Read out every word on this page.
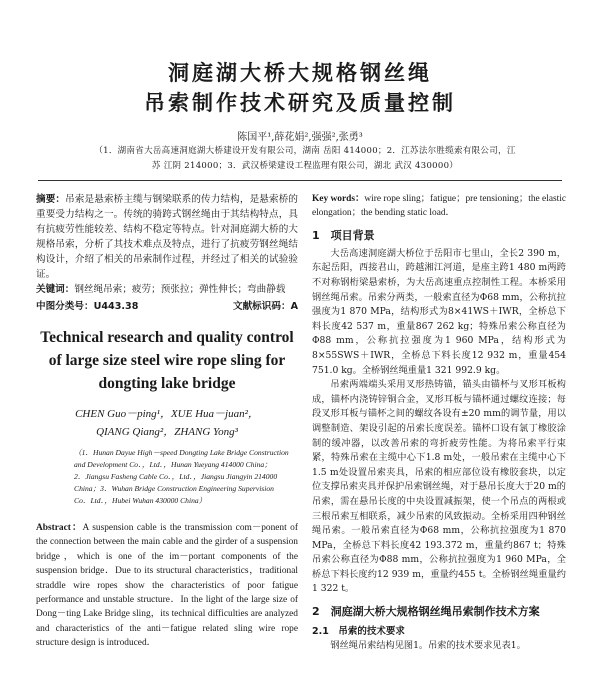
洞庭湖大桥大规格钢丝绳
吊索制作技术研究及质量控制
陈国平¹,薛花娟²,强强²,张勇³
（1．湖南省大岳高速洞庭湖大桥建设开发有限公司，湖南 岳阳 414000；2．江苏法尔胜缆索有限公司，江苏 江阴 214000；3．武汉桥梁建设工程监理有限公司，湖北 武汉 430000）

摘要：吊索是悬索桥主缆与钢梁联系的传力结构，是悬索桥的重要受力结构之一。传统的骑跨式钢丝绳由于其结构特点，具有抗疲劳性能较差、结构不稳定等特点。针对洞庭湖大桥的大规格吊索，分析了其技术难点及特点，进行了抗疲劳钢丝绳结构设计，介绍了相关的吊索制作过程，并经过了相关的试验验证。

关键词：钢丝绳吊索；疲劳；预张拉；弹性伸长；弯曲静载

中图分类号：U443.38	文献标识码：A
Technical research and quality control of large size steel wire rope sling for dongting lake bridge
CHEN Guo－ping¹，XUE Hua－juan²，
QIANG Qiang²，ZHANG Yong³
（1．Hunan Dayue High－speed Dongting Lake Bridge Construction and Development Co．，Ltd．，Hunan Yueyang 414000 China；
2．Jiangsu Fasheng Cable Co．，Ltd．，Jiangsu Jiangyin 214000 China；3．Wuhan Bridge Construction Engineering Supervision Co．Ltd．，Hubei Wuhan 430000 China）

Abstract：A suspension cable is the transmission com－ponent of the connection between the main cable and the girder of a suspension bridge，which is one of the im－portant components of the suspension bridge．Due to its structural characteristics，traditional straddle wire ropes show the characteristics of poor fatigue performance and unstable structure．In the light of the large size of Dong－ting Lake Bridge sling，its technical difficulties are analyzed and characteristics of the anti－fatigue related sling wire rope structure design is introduced．

Key words：wire rope sling；fatigue；pre tensioning；the elastic elongation；the bending static load．

1　项目背景

大岳高速洞庭湖大桥位于岳阳市七里山，全长2 390 m，东起岳阳，西接君山，跨越湘江河道，是座主跨1 480 m两跨不对称钢桁梁悬索桥，为大岳高速重点控制性工程。本桥采用钢丝绳吊索。吊索分两类，一般索直径为Φ68 mm，公称抗拉强度为1 870 MPa，结构形式为8×41WS＋IWR，全桥总下料长度42 537 m，重量867 262 kg；特殊吊索公称直径为Φ88 mm，公称抗拉强度为1 960 MPa，结构形式为8×55SWS＋IWR，全桥总下料长度12 932 m，重量454 751.0 kg。全桥钢丝绳重量1 321 992.9 kg。

吊索两端端头采用叉形热铸锚，锚头由锚杯与叉形耳板构成，锚杯内浇铸锌铜合金，叉形耳板与锚杯通过螺纹连接；每段叉形耳板与锚杯之间的螺纹各设有±20 mm的调节量，用以调整制造、架设引起的吊索长度误差。锚杯口设有氯丁橡胶涂制的缓冲器，以改善吊索的弯折疲劳性能。为将吊索平行束紧，特殊吊索在主缆中心下1.8 m处，一般吊索在主缆中心下1.5 m处设置吊索夹具，吊索的相应部位设有橡胶套块，以定位支撑吊索夹具并保护吊索钢丝绳，对于悬吊长度大于20 m的吊索，需在悬吊长度的中央设置减振架，使一个吊点的两根或三根吊索互相联系，减少吊索的风致振动。全桥采用四种钢丝绳吊索。一般吊索直径为Φ68 mm，公称抗拉强度为1 870 MPa，全桥总下料长度42 193.372 m，重量约867 t；特殊吊索公称直径为Φ88 mm，公称抗拉强度为1 960 MPa，全桥总下料长度约12 939 m，重量约455 t。全桥钢丝绳重量约1 322 t。

2　洞庭湖大桥大规格钢丝绳吊索制作技术方案
2.1　吊索的技术要求

钢丝绳吊索结构见图1。吊索的技术要求见表1。
